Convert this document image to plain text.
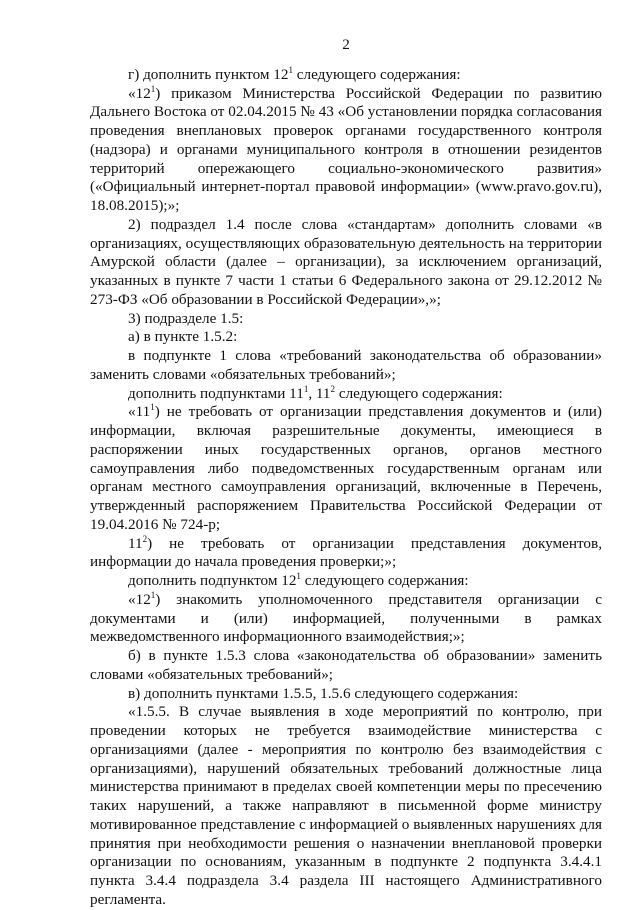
2

г) дополнить пунктом $12^1$ следующего содержания:

«$12^1$) приказом Министерства Российской Федерации по развитию Дальнего Востока от 02.04.2015 № 43 «Об установлении порядка согласования проведения внеплановых проверок органами государственного контроля (надзора) и органами муниципального контроля в отношении резидентов территорий опережающего социально-экономического развития» («Официальный интернет-портал правовой информации» (www.pravo.gov.ru), 18.08.2015);»;

2) подраздел 1.4 после слова «стандартам» дополнить словами «в организациях, осуществляющих образовательную деятельность на территории Амурской области (далее – организации), за исключением организаций, указанных в пункте 7 части 1 статьи 6 Федерального закона от 29.12.2012 № 273-ФЗ «Об образовании в Российской Федерации»,»;

3) подразделе 1.5:

а) в пункте 1.5.2:

в подпункте 1 слова «требований законодательства об образовании» заменить словами «обязательных требований»;

дополнить подпунктами $11^1$, $11^2$ следующего содержания:

«$11^1$) не требовать от организации представления документов и (или) информации, включая разрешительные документы, имеющиеся в распоряжении иных государственных органов, органов местного самоуправления либо подведомственных государственным органам или органам местного самоуправления организаций, включенные в Перечень, утвержденный распоряжением Правительства Российской Федерации от 19.04.2016 № 724-р;

$11^2$) не требовать от организации представления документов, информации до начала проведения проверки;»;

дополнить подпунктом $12^1$ следующего содержания:

«$12^1$) знакомить уполномоченного представителя организации с документами и (или) информацией, полученными в рамках межведомственного информационного взаимодействия;»;

б) в пункте 1.5.3 слова «законодательства об образовании» заменить словами «обязательных требований»;

в) дополнить пунктами 1.5.5, 1.5.6 следующего содержания:

«1.5.5. В случае выявления в ходе мероприятий по контролю, при проведении которых не требуется взаимодействие министерства с организациями (далее - мероприятия по контролю без взаимодействия с организациями), нарушений обязательных требований должностные лица министерства принимают в пределах своей компетенции меры по пресечению таких нарушений, а также направляют в письменной форме министру мотивированное представление с информацией о выявленных нарушениях для принятия при необходимости решения о назначении внеплановой проверки организации по основаниям, указанным в подпункте 2 подпункта 3.4.4.1 пункта 3.4.4 подраздела 3.4 раздела III настоящего Административного регламента.
